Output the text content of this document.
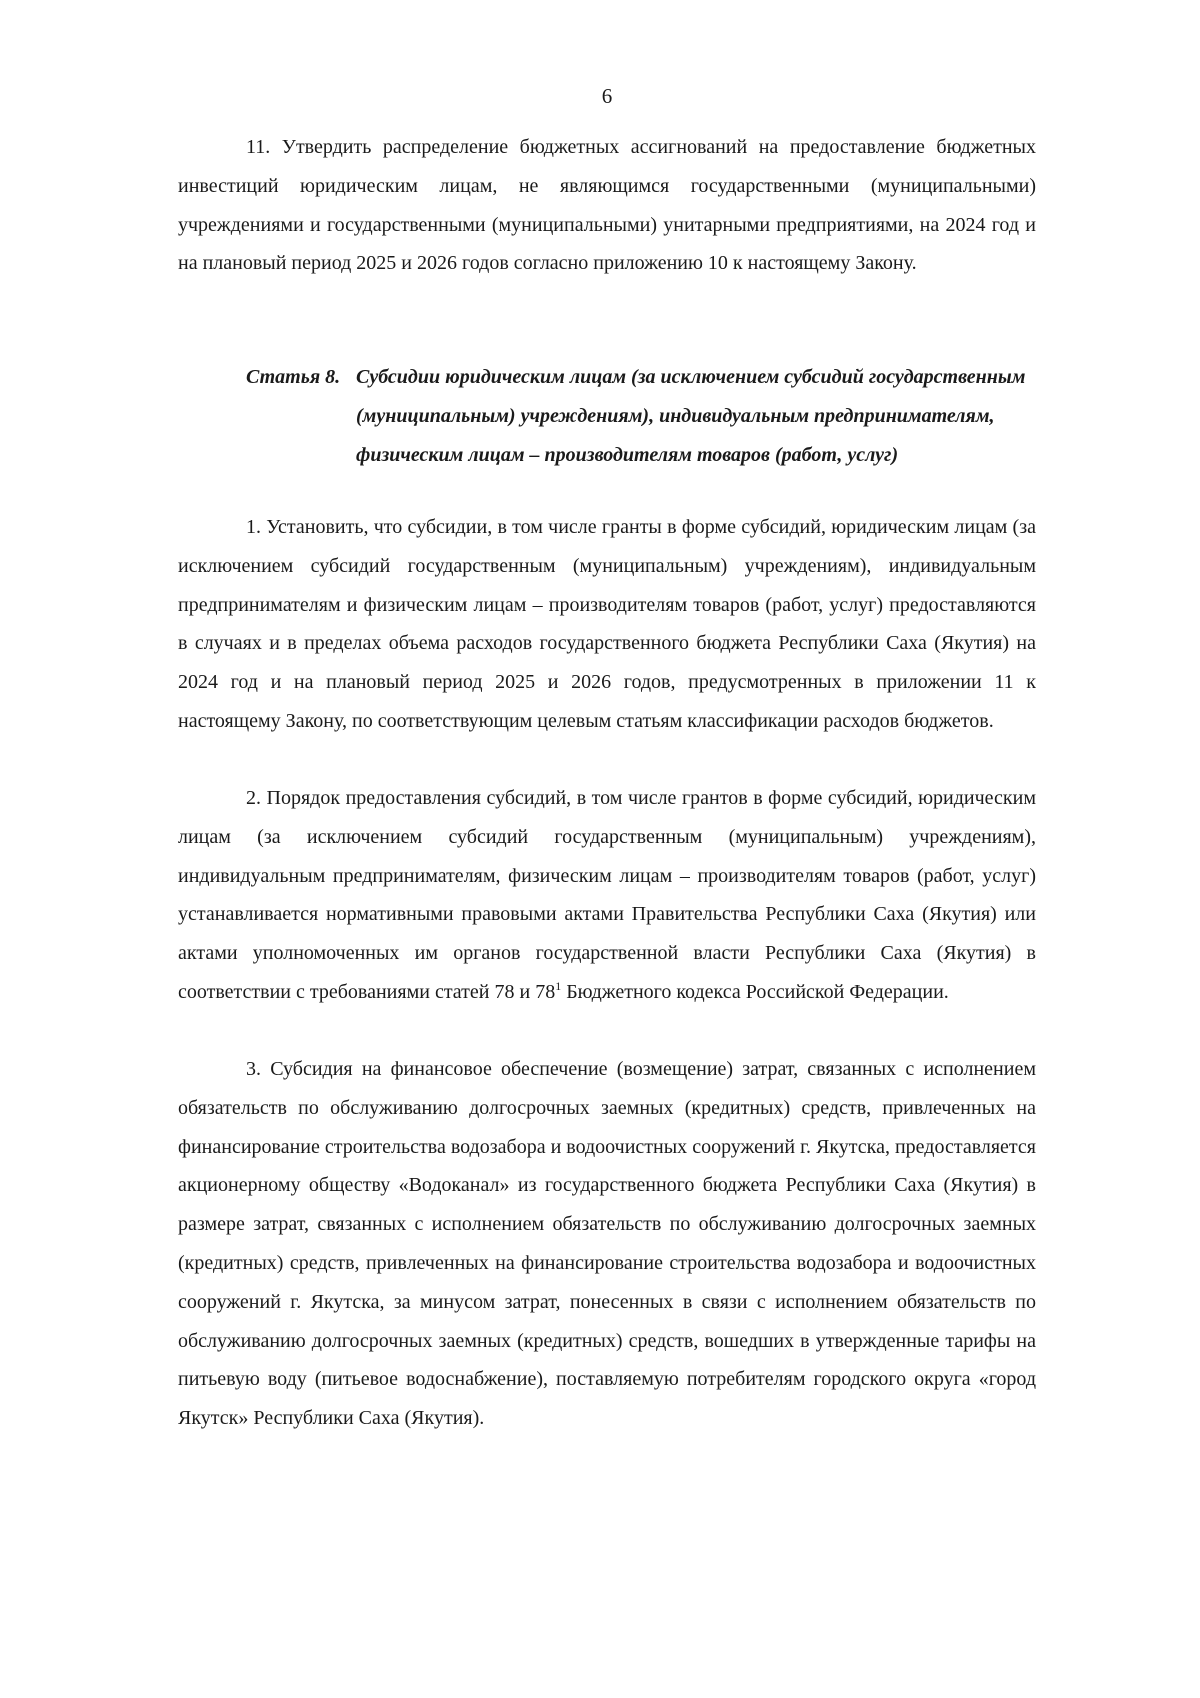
6

11. Утвердить распределение бюджетных ассигнований на предоставление бюджетных инвестиций юридическим лицам, не являющимся государственными (муниципальными) учреждениями и государственными (муниципальными) унитарными предприятиями, на 2024 год и на плановый период 2025 и 2026 годов согласно приложению 10 к настоящему Закону.

Статья 8. Субсидии юридическим лицам (за исключением субсидий государственным (муниципальным) учреждениям), индивидуальным предпринимателям, физическим лицам – производителям товаров (работ, услуг)

1. Установить, что субсидии, в том числе гранты в форме субсидий, юридическим лицам (за исключением субсидий государственным (муниципальным) учреждениям), индивидуальным предпринимателям и физическим лицам – производителям товаров (работ, услуг) предоставляются в случаях и в пределах объема расходов государственного бюджета Республики Саха (Якутия) на 2024 год и на плановый период 2025 и 2026 годов, предусмотренных в приложении 11 к настоящему Закону, по соответствующим целевым статьям классификации расходов бюджетов.

2. Порядок предоставления субсидий, в том числе грантов в форме субсидий, юридическим лицам (за исключением субсидий государственным (муниципальным) учреждениям), индивидуальным предпринимателям, физическим лицам – производителям товаров (работ, услуг) устанавливается нормативными правовыми актами Правительства Республики Саха (Якутия) или актами уполномоченных им органов государственной власти Республики Саха (Якутия) в соответствии с требованиями статей 78 и $78^1$ Бюджетного кодекса Российской Федерации.

3. Субсидия на финансовое обеспечение (возмещение) затрат, связанных с исполнением обязательств по обслуживанию долгосрочных заемных (кредитных) средств, привлеченных на финансирование строительства водозабора и водоочистных сооружений г. Якутска, предоставляется акционерному обществу «Водоканал» из государственного бюджета Республики Саха (Якутия) в размере затрат, связанных с исполнением обязательств по обслуживанию долгосрочных заемных (кредитных) средств, привлеченных на финансирование строительства водозабора и водоочистных сооружений г. Якутска, за минусом затрат, понесенных в связи с исполнением обязательств по обслуживанию долгосрочных заемных (кредитных) средств, вошедших в утвержденные тарифы на питьевую воду (питьевое водоснабжение), поставляемую потребителям городского округа «город Якутск» Республики Саха (Якутия).
